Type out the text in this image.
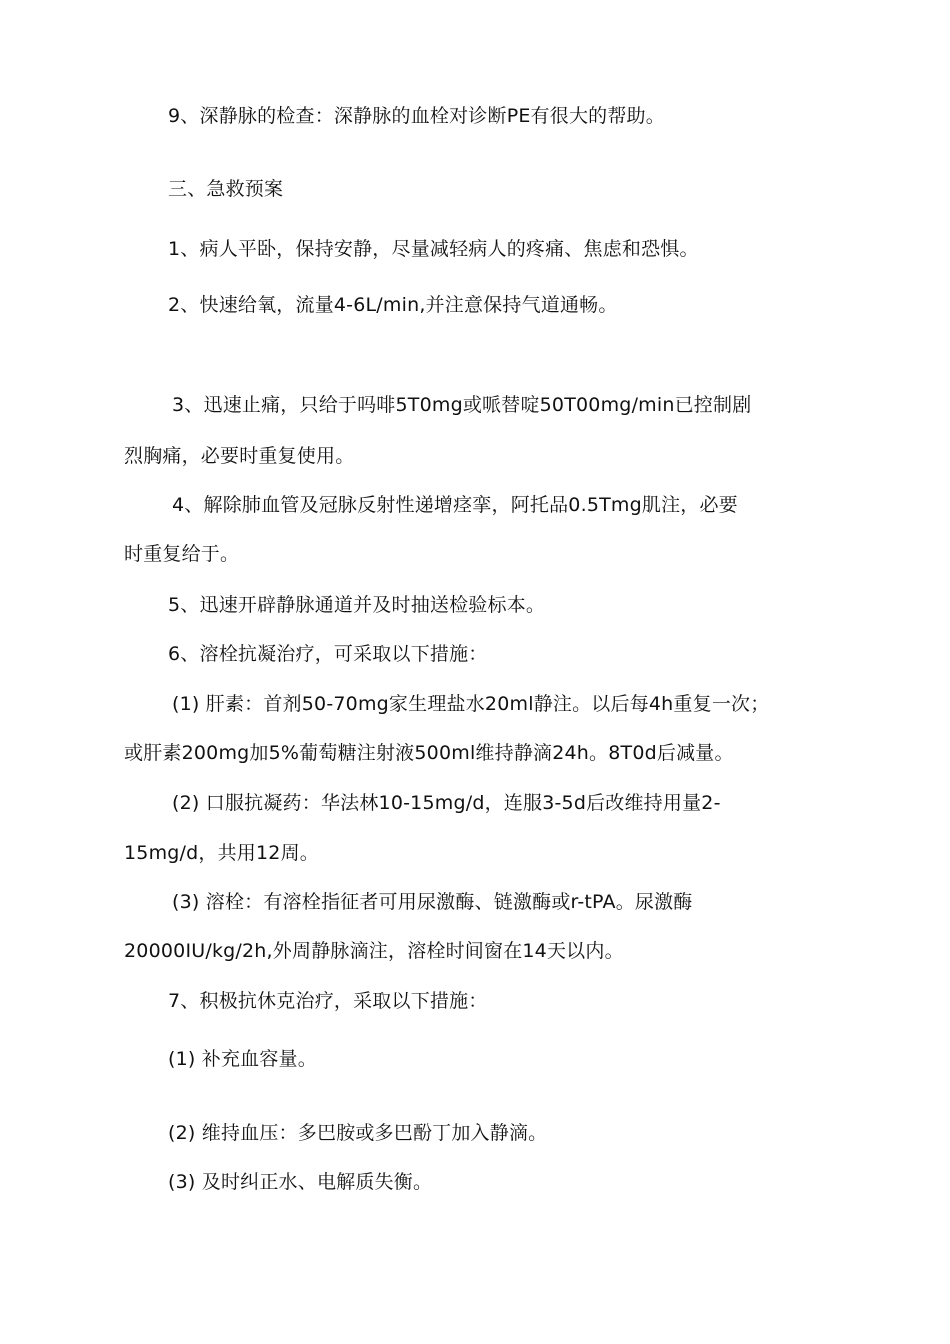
9、深静脉的检查：深静脉的血栓对诊断PE有很大的帮助。
三、急救预案
1、病人平卧，保持安静，尽量减轻病人的疼痛、焦虑和恐惧。
2、快速给氧，流量4-6L/min,并注意保持气道通畅。
3、迅速止痛，只给于吗啡5T0mg或哌替啶50T00mg/min已控制剧
烈胸痛，必要时重复使用。
4、解除肺血管及冠脉反射性递增痉挛，阿托品0.5Tmg肌注，必要
时重复给于。
5、迅速开辟静脉通道并及时抽送检验标本。
6、溶栓抗凝治疗，可采取以下措施：
(1) 肝素：首剂50-70mg家生理盐水20ml静注。以后每4h重复一次；
或肝素200mg加5%葡萄糖注射液500ml维持静滴24h。8T0d后减量。
(2) 口服抗凝药：华法林10-15mg/d，连服3-5d后改维持用量2-
15mg/d，共用12周。
(3) 溶栓：有溶栓指征者可用尿激酶、链激酶或r-tPA。尿激酶
20000IU/kg/2h,外周静脉滴注，溶栓时间窗在14天以内。
7、积极抗休克治疗，采取以下措施：
(1) 补充血容量。
(2) 维持血压：多巴胺或多巴酚丁加入静滴。
(3) 及时纠正水、电解质失衡。
